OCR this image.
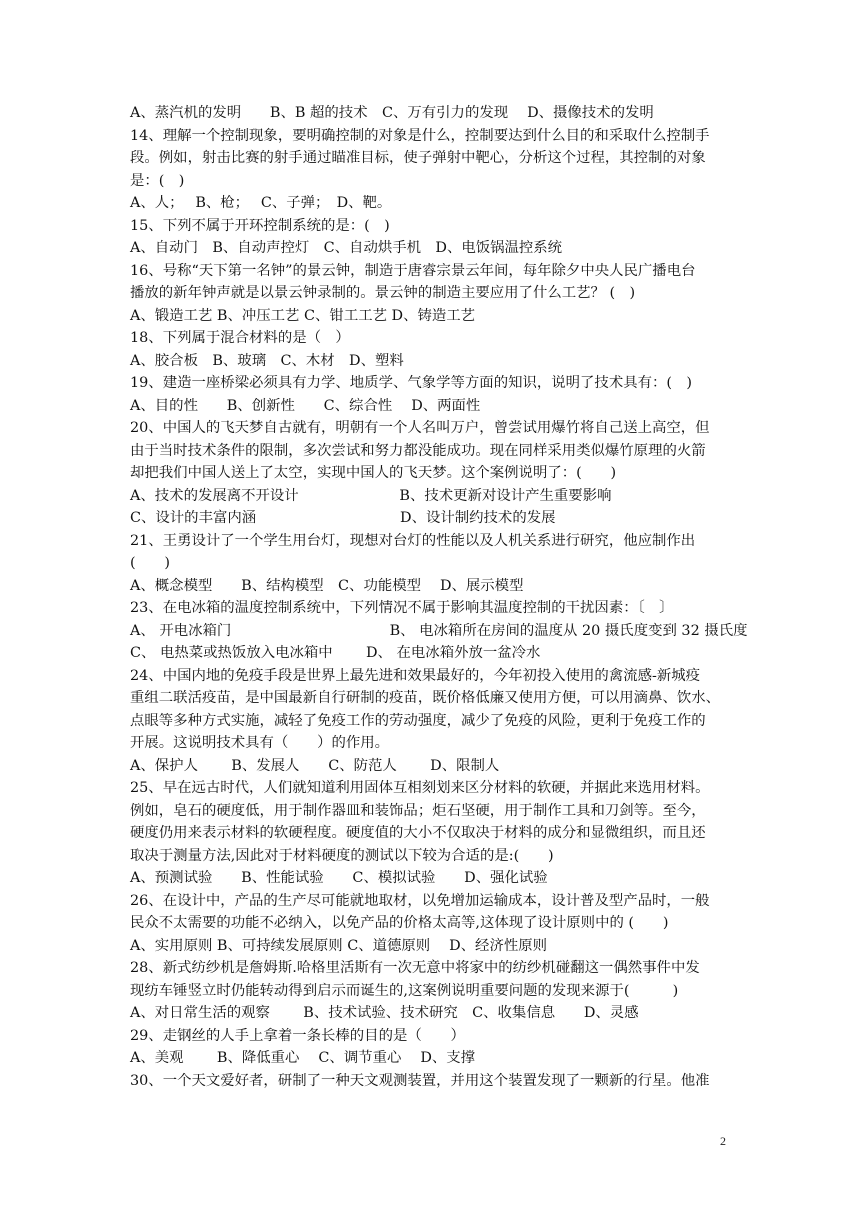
A、蒸汽机的发明　　B、B 超的技术　C、万有引力的发现　 D、摄像技术的发明
14、理解一个控制现象，要明确控制的对象是什么，控制要达到什么目的和采取什么控制手
段。例如，射击比赛的射手通过瞄准目标，使子弹射中靶心，分析这个过程，其控制的对象
是：(　)
A、人；　 B、枪；　 C、子弹；　D、靶。
15、下列不属于开环控制系统的是：(　)
A、自动门　B、自动声控灯　C、自动烘手机　D、电饭锅温控系统
16、号称“天下第一名钟”的景云钟，制造于唐睿宗景云年间，每年除夕中央人民广播电台
播放的新年钟声就是以景云钟录制的。景云钟的制造主要应用了什么工艺？ (　)
A、锻造工艺 B、冲压工艺 C、钳工工艺 D、铸造工艺
18、下列属于混合材料的是（　）
A、胶合板　B、玻璃　C、木材　D、塑料
19、建造一座桥梁必须具有力学、地质学、气象学等方面的知识，说明了技术具有：(　)
A、目的性　　B、创新性　　C、综合性　 D、两面性
20、中国人的飞天梦自古就有，明朝有一个人名叫万户，曾尝试用爆竹将自己送上高空，但
由于当时技术条件的限制，多次尝试和努力都没能成功。现在同样采用类似爆竹原理的火箭
却把我们中国人送上了太空，实现中国人的飞天梦。这个案例说明了：(　　)
A、技术的发展离不开设计　　　　　　　B、技术更新对设计产生重要影响
C、设计的丰富内涵　　　　　　　　　　D、设计制约技术的发展
21、王勇设计了一个学生用台灯，现想对台灯的性能以及人机关系进行研究，他应制作出
(　　)
A、概念模型　　B、结构模型　C、功能模型　 D、展示模型
23、在电冰箱的温度控制系统中，下列情况不属于影响其温度控制的干扰因素：〔　〕
A、 开电冰箱门　　　　　　　　　　　B、 电冰箱所在房间的温度从 20 摄氏度变到 32 摄氏度
C、 电热菜或热饭放入电冰箱中　　 D、 在电冰箱外放一盆冷水
24、中国内地的免疫手段是世界上最先进和效果最好的，今年初投入使用的禽流感-新城疫
重组二联活疫苗，是中国最新自行研制的疫苗，既价格低廉又使用方便，可以用滴鼻、饮水、
点眼等多种方式实施，减轻了免疫工作的劳动强度，减少了免疫的风险，更利于免疫工作的
开展。这说明技术具有（　　）的作用。
A、保护人　　 B、发展人　　C、防范人　　 D、限制人
25、早在远古时代，人们就知道利用固体互相刻划来区分材料的软硬，并据此来选用材料。
例如，皂石的硬度低，用于制作器皿和装饰品；炬石坚硬，用于制作工具和刀剑等。至今，
硬度仍用来表示材料的软硬程度。硬度值的大小不仅取决于材料的成分和显微组织，而且还
取决于测量方法,因此对于材料硬度的测试以下较为合适的是:(　　)
A、预测试验　　B、性能试验　　C、模拟试验　　D、强化试验
26、在设计中，产品的生产尽可能就地取材，以免增加运输成本，设计普及型产品时，一般
民众不太需要的功能不必纳入，以免产品的价格太高等,这体现了设计原则中的 (　　)
A、实用原则 B、可持续发展原则 C、道德原则　 D、经济性原则
28、新式纺纱机是詹姆斯.哈格里活斯有一次无意中将家中的纺纱机碰翻这一偶然事件中发
现纺车锤竖立时仍能转动得到启示而诞生的,这案例说明重要问题的发现来源于(　　　)
A、对日常生活的观察　　 B、技术试验、技术研究　C、收集信息　　D、灵感
29、走钢丝的人手上拿着一条长棒的目的是（　　）
A、美观　　 B、降低重心　 C、调节重心　 D、支撑
30、一个天文爱好者，研制了一种天文观测装置，并用这个装置发现了一颗新的行星。他准
2
